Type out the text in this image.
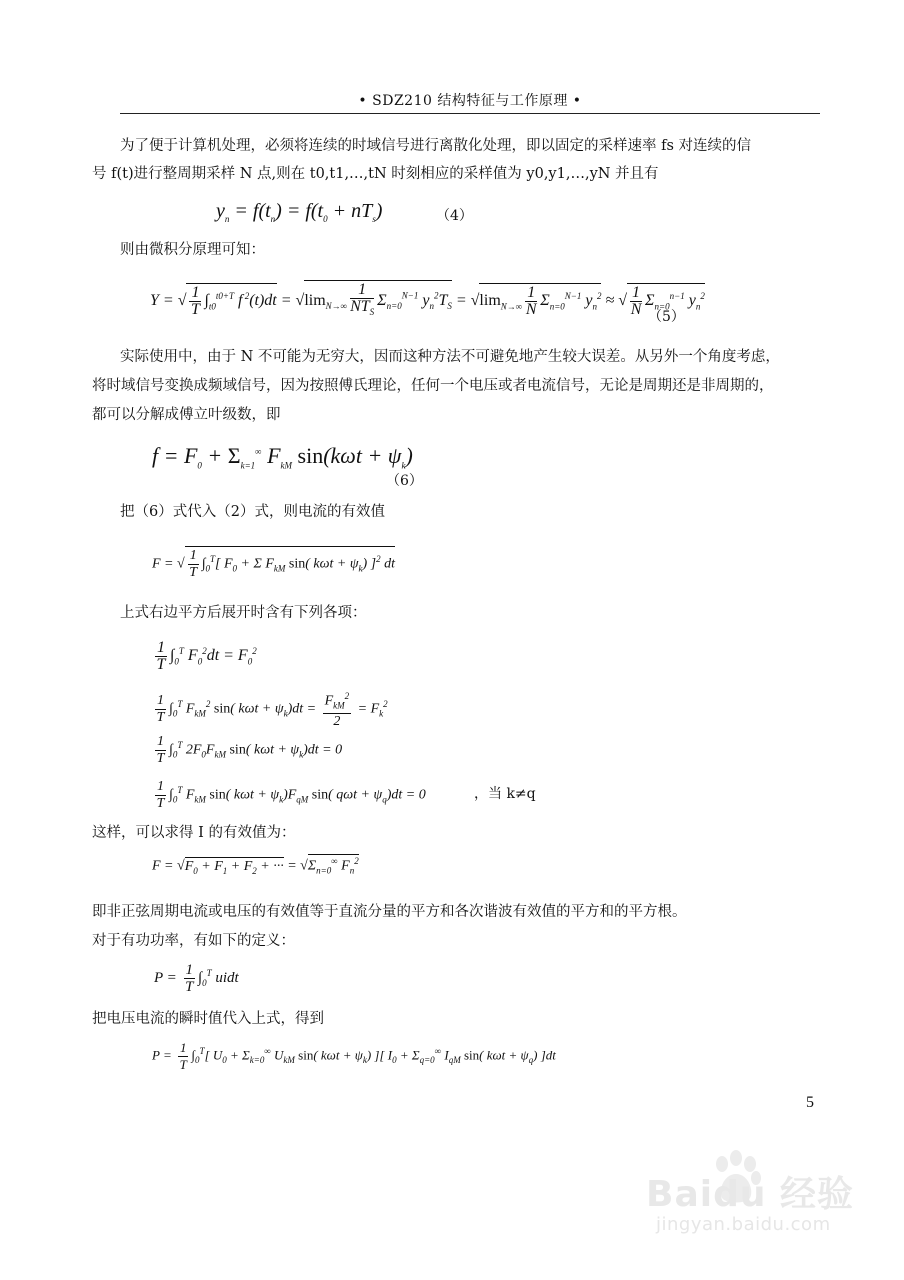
• SDZ210 结构特征与工作原理 •
为了便于计算机处理，必须将连续的时域信号进行离散化处理，即以固定的采样速率 fs 对连续的信
号 f(t)进行整周期采样 N 点,则在 t0,t1,…,tN 时刻相应的采样值为 y0,y1,…,yN 并且有
$y_n = f(t_n) = f(t_0 + nT_s)$	（4）
则由微积分原理可知：
Y = √ $\frac{1}{T} \int_{t0}^{t0+T}$ f $^2(t)dt = √\lim_{N\to\infty} \frac{1}{NT_S} \Sigma_{n=0}^{N-1}$ $y_n^2T_S = √\lim_{N\to\infty} \frac{1}{N} \Sigma_{n=0}^{N-1}$ $y_n^2$ ≈ √ $\frac{1}{N} \Sigma_{n=0}^{n-1}$ $y_n^2$
（5）
实际使用中，由于 N 不可能为无穷大，因而这种方法不可避免地产生较大误差。从另外一个角度考虑，
将时域信号变换成频域信号，因为按照傅氏理论，任何一个电压或者电流信号，无论是周期还是非周期的，
都可以分解成傅立叶级数，即
$f = F_0 + \Sigma_{k=1}^\infty$ $F_{kM}$ $\sin(k\omega t + \psi_k)$
（6）
把（6）式代入（2）式，则电流的有效值
F = √ $\frac{1}{T} \int_0^T$[ $F_0 + \Sigma$ $F_{kM}$ sin( $k\omega t + \psi_k$) ]$^2$ dt
上式右边平方后展开时含有下列各项：
$\frac{1}{T} \int_0^T$ $F_0^2dt = F_0^2$
$\frac{1}{T} \int_0^T$ $F_{kM}^2$ sin( $k\omega t + \psi_k)dt = \frac{F_{kM}^2}{2} = F_k^2$
$\frac{1}{T} \int_0^T$ $2F_0F_{kM}$ sin( $k\omega t + \psi_k)dt = 0$
$\frac{1}{T} \int_0^T$ $F_{kM}$ sin( $k\omega t + \psi_k)F_{qM}$ sin( $q\omega t + \psi_q)dt = 0$	，当 k≠q
这样，可以求得 I 的有效值为：
$F = √F_0 + F_1 + F_2$ + ··· = $√\Sigma_{n=0}^\infty$ $F_n^2$
即非正弦周期电流或电压的有效值等于直流分量的平方和各次谐波有效值的平方和的平方根。
对于有功功率，有如下的定义：
$P = \frac{1}{T} \int_0^T$ uidt
把电压电流的瞬时值代入上式，得到
$P = \frac{1}{T} \int_0^T$[ $U_0 + \Sigma_{k=0}^\infty$ $U_{kM}$ sin( $k\omega t + \psi_k$) ][ $I_0 + \Sigma_{q=0}^\infty$ $I_{qM}$ sin( $k\omega t + \psi_q$) ]dt
5
Baidu 经验
jingyan.baidu.com
